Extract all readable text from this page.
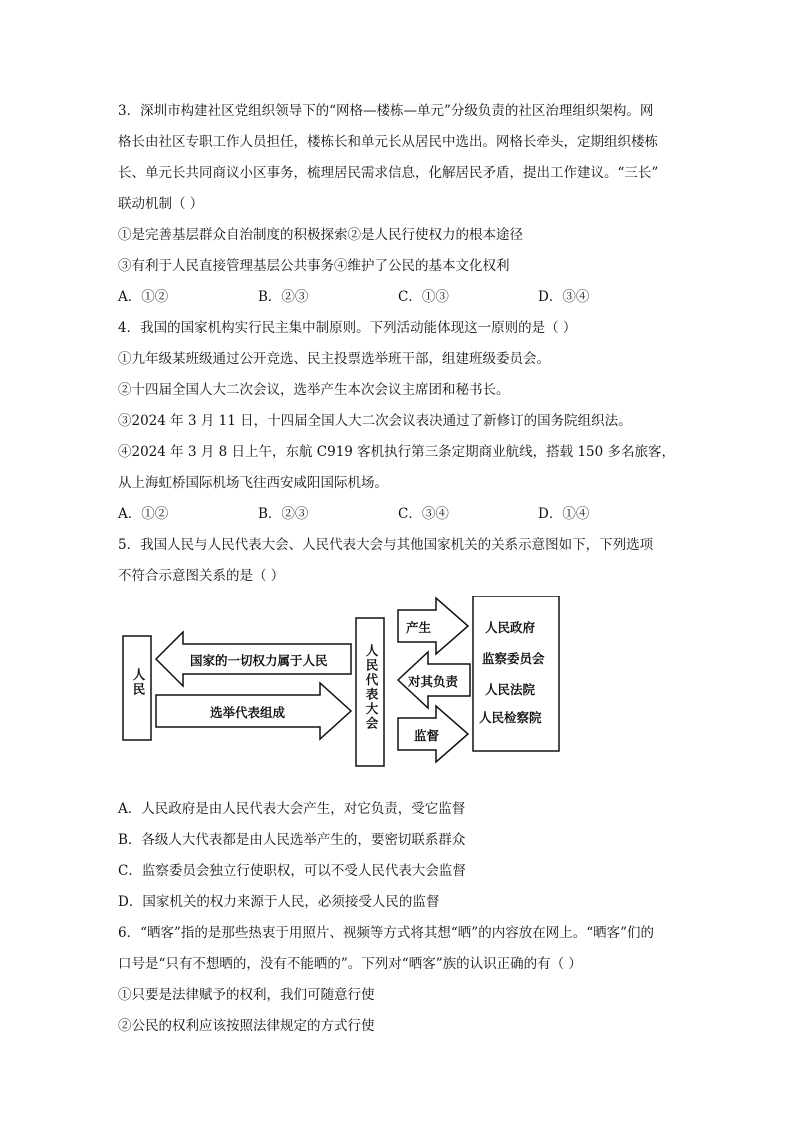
3．深圳市构建社区党组织领导下的“网格—楼栋—单元”分级负责的社区治理组织架构。网
格长由社区专职工作人员担任，楼栋长和单元长从居民中选出。网格长牵头，定期组织楼栋
长、单元长共同商议小区事务，梳理居民需求信息，化解居民矛盾，提出工作建议。“三长”
联动机制（ ）
①是完善基层群众自治制度的积极探索②是人民行使权力的根本途径
③有利于人民直接管理基层公共事务④维护了公民的基本文化权利
A．①②	B．②③	C．①③	D．③④
4．我国的国家机构实行民主集中制原则。下列活动能体现这一原则的是（ ）
①九年级某班级通过公开竞选、民主投票选举班干部，组建班级委员会。
②十四届全国人大二次会议，选举产生本次会议主席团和秘书长。
③2024 年 3 月 11 日，十四届全国人大二次会议表决通过了新修订的国务院组织法。
④2024 年 3 月 8 日上午，东航 C919 客机执行第三条定期商业航线，搭载 150 多名旅客，
从上海虹桥国际机场飞往西安咸阳国际机场。
A．①②	B．②③	C．③④	D．①④
5．我国人民与人民代表大会、人民代表大会与其他国家机关的关系示意图如下，下列选项
不符合示意图关系的是（ ）
人民
国家的一切权力属于人民
选举代表组成	人民代表大会
产生
对其负责
监督
人民政府
监察委员会
人民法院
人民检察院
A．人民政府是由人民代表大会产生，对它负责，受它监督
B．各级人大代表都是由人民选举产生的，要密切联系群众
C．监察委员会独立行使职权，可以不受人民代表大会监督
D．国家机关的权力来源于人民，必须接受人民的监督
6．“晒客”指的是那些热衷于用照片、视频等方式将其想“晒”的内容放在网上。“晒客”们的
口号是“只有不想晒的，没有不能晒的”。下列对“晒客”族的认识正确的有（ ）
①只要是法律赋予的权利，我们可随意行使
②公民的权利应该按照法律规定的方式行使
